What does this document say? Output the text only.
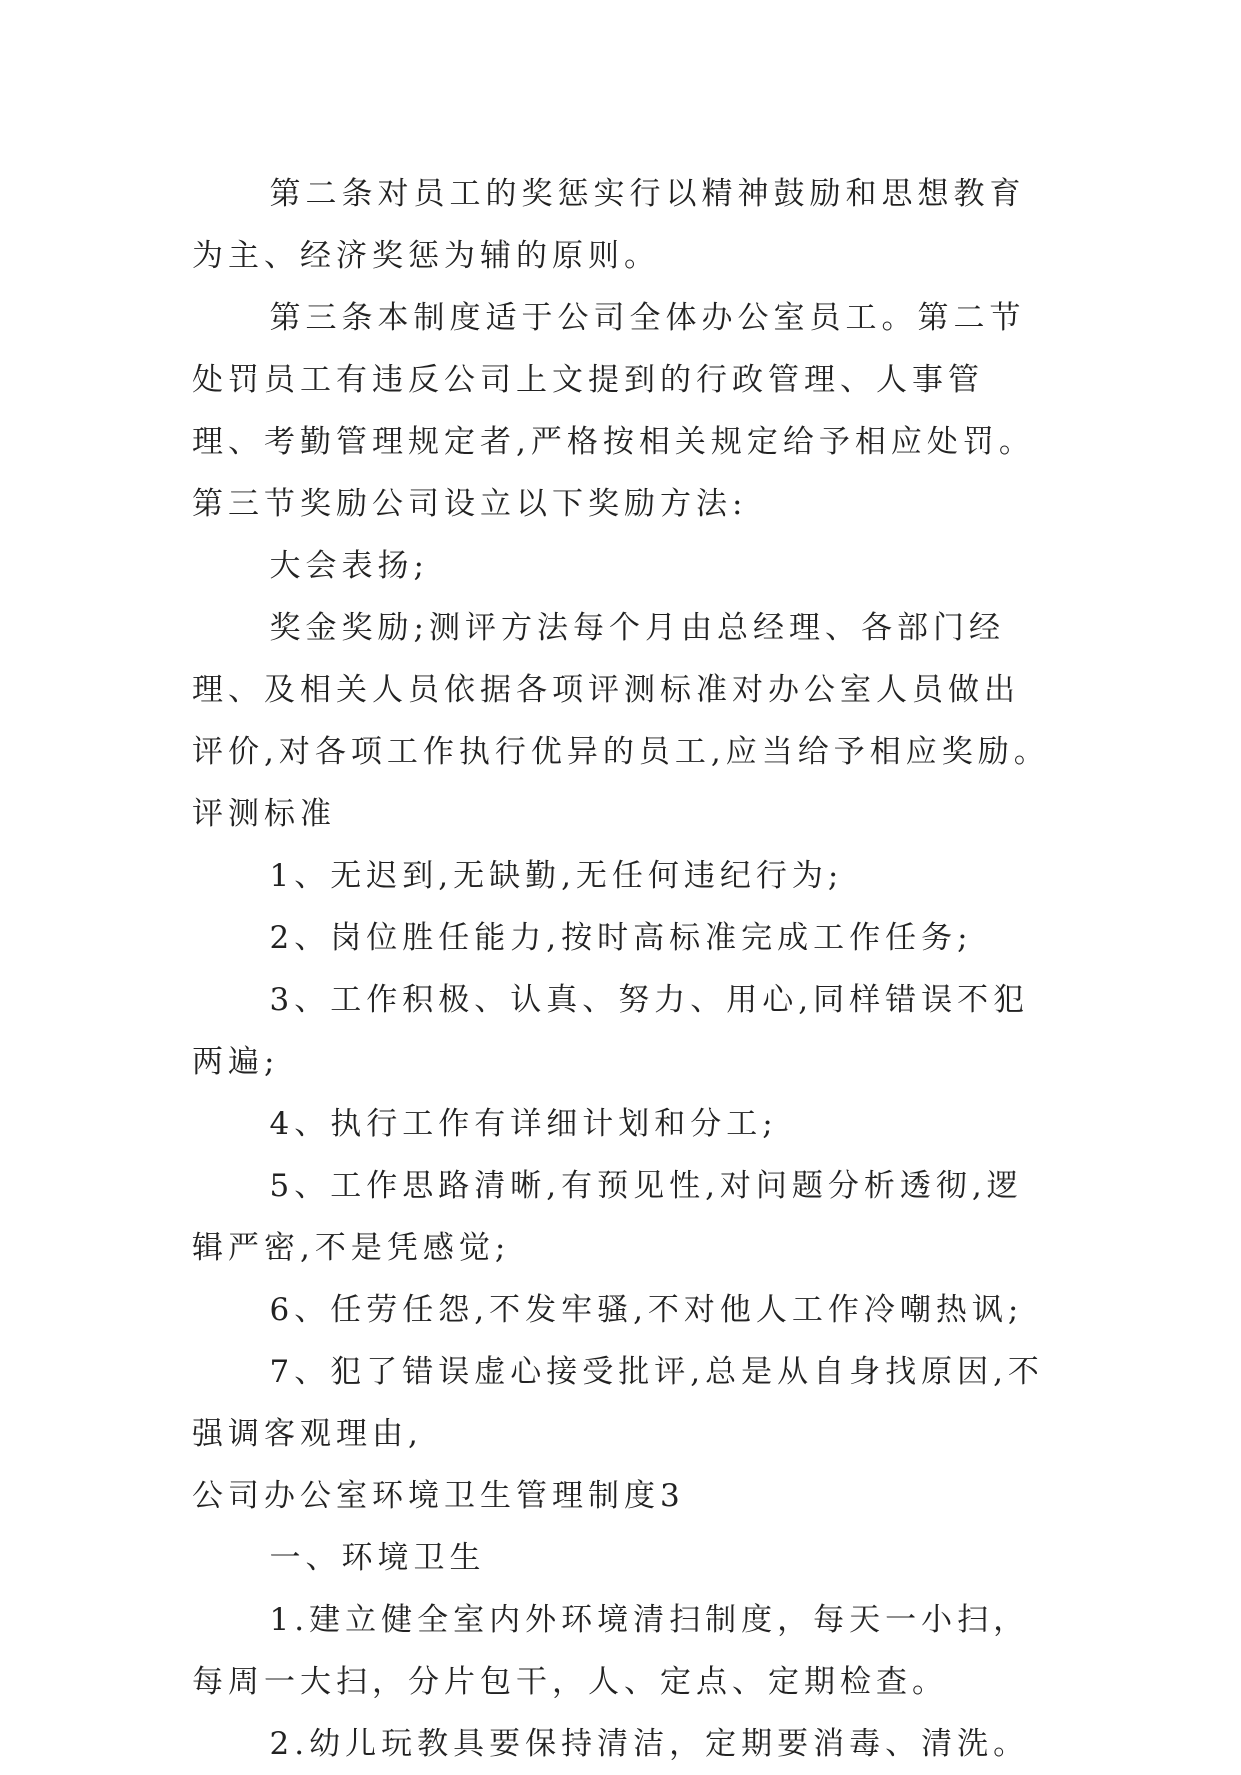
第二条对员工的奖惩实行以精神鼓励和思想教育为主、经济奖惩为辅的原则。

第三条本制度适于公司全体办公室员工。第二节处罚员工有违反公司上文提到的行政管理、人事管理、考勤管理规定者,严格按相关规定给予相应处罚。第三节奖励公司设立以下奖励方法:

大会表扬;

奖金奖励;测评方法每个月由总经理、各部门经理、及相关人员依据各项评测标准对办公室人员做出评价,对各项工作执行优异的员工,应当给予相应奖励。评测标准

1、无迟到,无缺勤,无任何违纪行为;

2、岗位胜任能力,按时高标准完成工作任务;

3、工作积极、认真、努力、用心,同样错误不犯两遍;

4、执行工作有详细计划和分工;

5、工作思路清晰,有预见性,对问题分析透彻,逻辑严密,不是凭感觉;

6、任劳任怨,不发牢骚,不对他人工作冷嘲热讽;

7、犯了错误虚心接受批评,总是从自身找原因,不强调客观理由,

公司办公室环境卫生管理制度3

一、环境卫生

1.建立健全室内外环境清扫制度，每天一小扫，每周一大扫，分片包干，人、定点、定期检查。

2.幼儿玩教具要保持清洁，定期要消毒、清洗。
